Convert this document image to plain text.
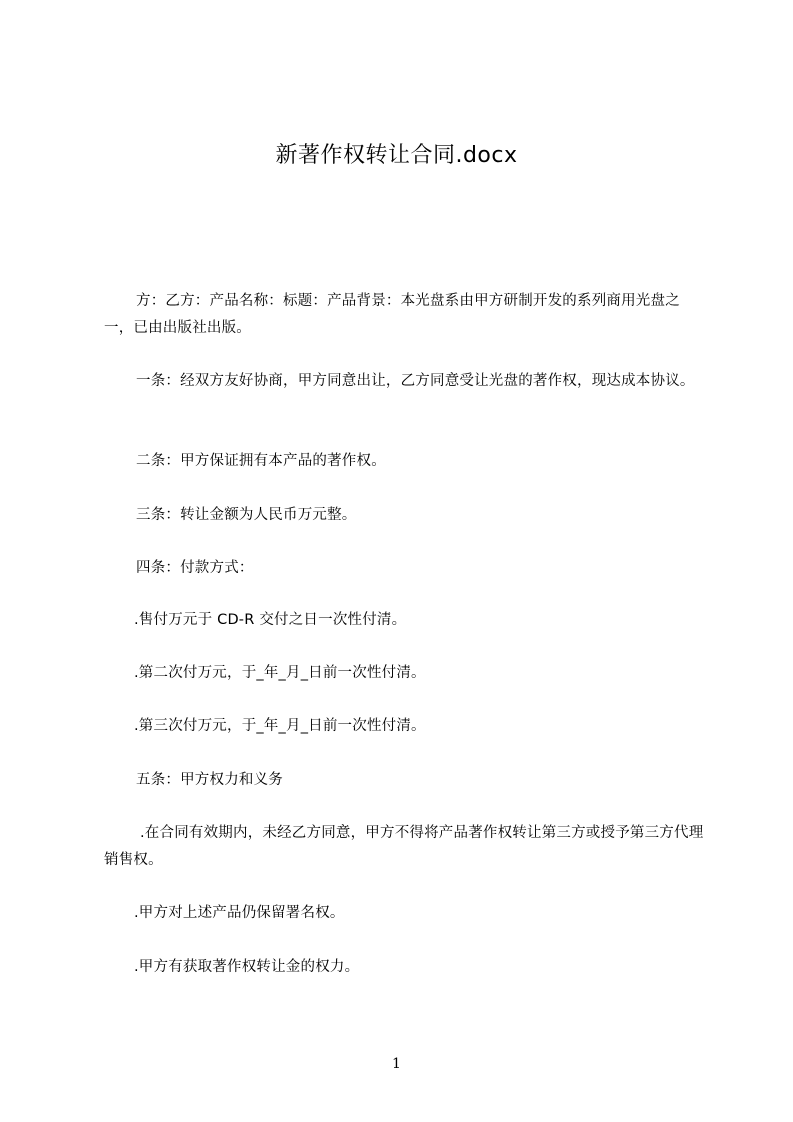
新著作权转让合同.docx

方：乙方：产品名称：标题：产品背景：本光盘系由甲方研制开发的系列商用光盘之一，已由出版社出版。

一条：经双方友好协商，甲方同意出让，乙方同意受让光盘的著作权，现达成本协议。

二条：甲方保证拥有本产品的著作权。

三条：转让金额为人民币万元整。

四条：付款方式：

.售付万元于 CD-R 交付之日一次性付清。

.第二次付万元，于_年_月_日前一次性付清。

.第三次付万元，于_年_月_日前一次性付清。

五条：甲方权力和义务

.在合同有效期内，未经乙方同意，甲方不得将产品著作权转让第三方或授予第三方代理销售权。

.甲方对上述产品仍保留署名权。

.甲方有获取著作权转让金的权力。

1
